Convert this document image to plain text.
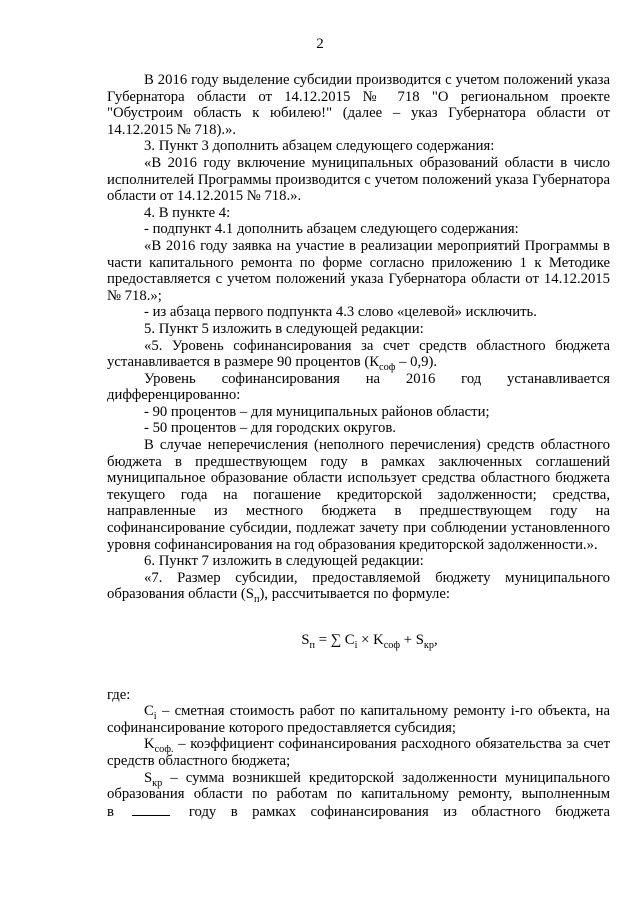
2

В 2016 году выделение субсидии производится с учетом положений указа Губернатора области от 14.12.2015 № 718 "О региональном проекте "Обустроим область к юбилею!" (далее – указ Губернатора области от 14.12.2015 № 718).».

3. Пункт 3 дополнить абзацем следующего содержания:

«В 2016 году включение муниципальных образований области в число исполнителей Программы производится с учетом положений указа Губернатора области от 14.12.2015 № 718.».

4. В пункте 4:

- подпункт 4.1 дополнить абзацем следующего содержания:

«В 2016 году заявка на участие в реализации мероприятий Программы в части капитального ремонта по форме согласно приложению 1 к Методике предоставляется с учетом положений указа Губернатора области от 14.12.2015 № 718.»;

- из абзаца первого подпункта 4.3 слово «целевой» исключить.

5. Пункт 5 изложить в следующей редакции:

«5. Уровень софинансирования за счет средств областного бюджета устанавливается в размере 90 процентов $(К_{соф} - 0,9)$.

Уровень софинансирования на 2016 год устанавливается дифференцированно:

- 90 процентов – для муниципальных районов области;

- 50 процентов – для городских округов.

В случае неперечисления (неполного перечисления) средств областного бюджета в предшествующем году в рамках заключенных соглашений муниципальное образование области использует средства областного бюджета текущего года на погашение кредиторской задолженности; средства, направленные из местного бюджета в предшествующем году на софинансирование субсидии, подлежат зачету при соблюдении установленного уровня софинансирования на год образования кредиторской задолженности.».

6. Пункт 7 изложить в следующей редакции:

«7. Размер субсидии, предоставляемой бюджету муниципального образования области $(S_п)$, рассчитывается по формуле:

$S_п$ = ∑ $C_i \times K_{соф} + S_{кр}$,

где:

$C_i$ – сметная стоимость работ по капитальному ремонту i-го объекта, на софинансирование которого предоставляется субсидия;

$K_{соф.}$ – коэффициент софинансирования расходного обязательства за счет средств областного бюджета;

$S_{кр}$ – сумма возникшей кредиторской задолженности муниципального образования области по работам по капитальному ремонту, выполненным

в	году в рамках софинансирования из областного бюджета
